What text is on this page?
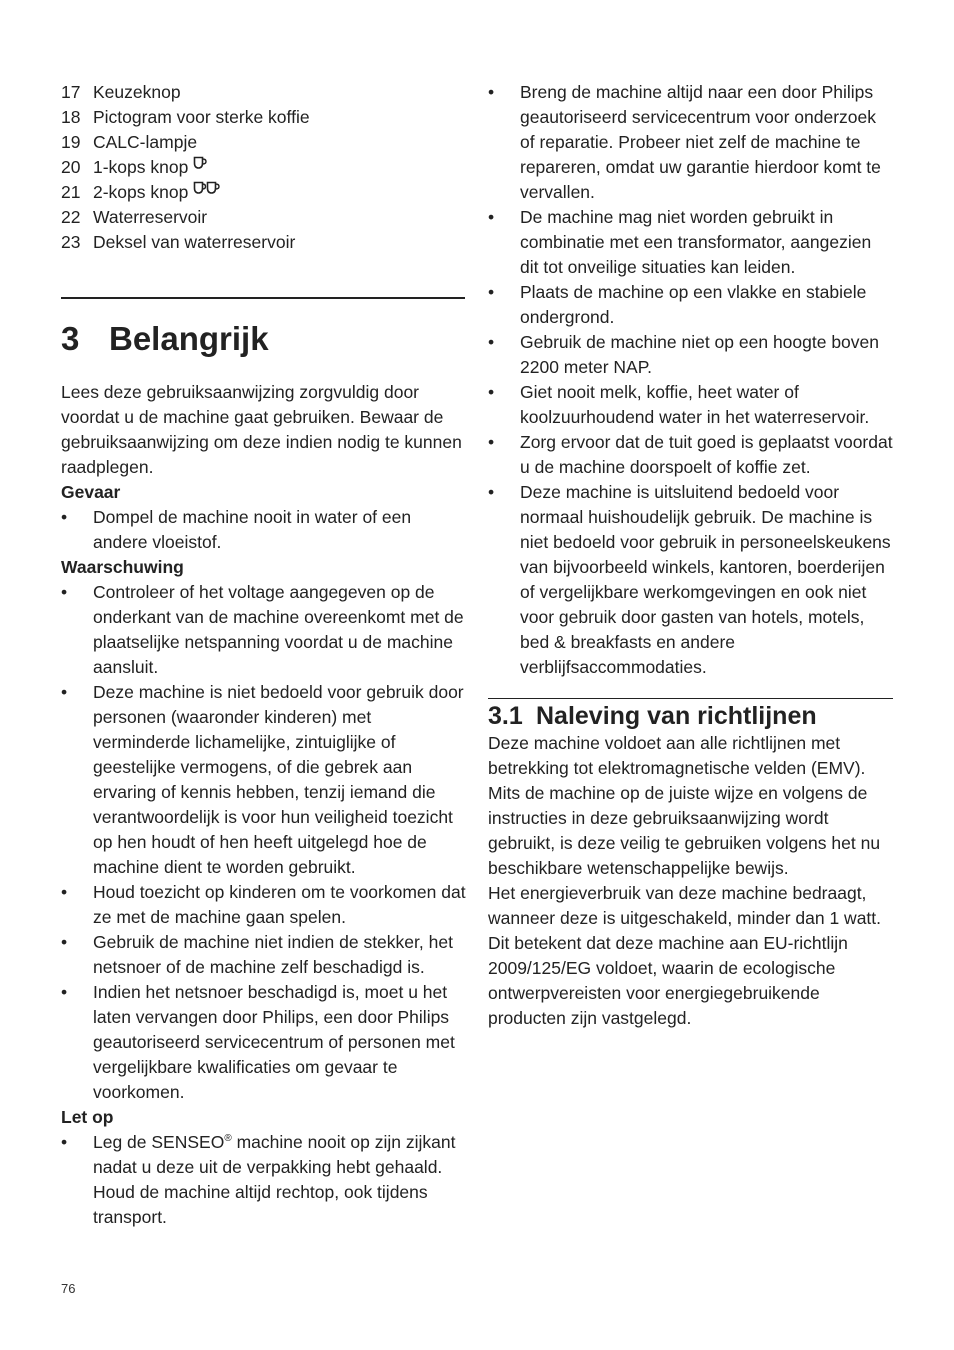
17 Keuzeknop
18 Pictogram voor sterke koffie
19 CALC-lampje
20 1-kops knop

21 2-kops knop

22 Waterreservoir
23 Deksel van waterreservoir
3 Belangrijk

Lees deze gebruiksaanwijzing zorgvuldig door voordat u de machine gaat gebruiken. Bewaar de gebruiksaanwijzing om deze indien nodig te kunnen raadplegen.

Gevaar
•	Dompel de machine nooit in water of een andere vloeistof.
Waarschuwing
•	Controleer of het voltage aangegeven op de onderkant van de machine overeenkomt met de plaatselijke netspanning voordat u de machine aansluit.
•	Deze machine is niet bedoeld voor gebruik door personen (waaronder kinderen) met verminderde lichamelijke, zintuiglijke of geestelijke vermogens, of die gebrek aan ervaring of kennis hebben, tenzij iemand die verantwoordelijk is voor hun veiligheid toezicht op hen houdt of hen heeft uitgelegd hoe de machine dient te worden gebruikt.
•	Houd toezicht op kinderen om te voorkomen dat ze met de machine gaan spelen.
•	Gebruik de machine niet indien de stekker, het netsnoer of de machine zelf beschadigd is.
•	Indien het netsnoer beschadigd is, moet u het laten vervangen door Philips, een door Philips geautoriseerd servicecentrum of personen met vergelijkbare kwalificaties om gevaar te voorkomen.
Let op
•	Leg de SENSEO® machine nooit op zijn zijkant nadat u deze uit de verpakking hebt gehaald. Houd de machine altijd rechtop, ook tijdens transport.
•	Breng de machine altijd naar een door Philips geautoriseerd servicecentrum voor onderzoek of reparatie. Probeer niet zelf de machine te repareren, omdat uw garantie hierdoor komt te vervallen.
•	De machine mag niet worden gebruikt in combinatie met een transformator, aangezien dit tot onveilige situaties kan leiden.
•	Plaats de machine op een vlakke en stabiele ondergrond.
•	Gebruik de machine niet op een hoogte boven 2200 meter NAP.
•	Giet nooit melk, koffie, heet water of koolzuurhoudend water in het waterreservoir.
•	Zorg ervoor dat de tuit goed is geplaatst voordat u de machine doorspoelt of koffie zet.
•	Deze machine is uitsluitend bedoeld voor normaal huishoudelijk gebruik. De machine is niet bedoeld voor gebruik in personeelskeukens van bijvoorbeeld winkels, kantoren, boerderijen of vergelijkbare werkomgevingen en ook niet voor gebruik door gasten van hotels, motels, bed & breakfasts en andere verblijfsaccommodaties.
3.1 Naleving van richtlijnen

Deze machine voldoet aan alle richtlijnen met betrekking tot elektromagnetische velden (EMV). Mits de machine op de juiste wijze en volgens de instructies in deze gebruiksaanwijzing wordt gebruikt, is deze veilig te gebruiken volgens het nu beschikbare wetenschappelijke bewijs.

Het energieverbruik van deze machine bedraagt, wanneer deze is uitgeschakeld, minder dan 1 watt. Dit betekent dat deze machine aan EU-richtlijn 2009/125/EG voldoet, waarin de ecologische ontwerpvereisten voor energiegebruikende producten zijn vastgelegd.

76
